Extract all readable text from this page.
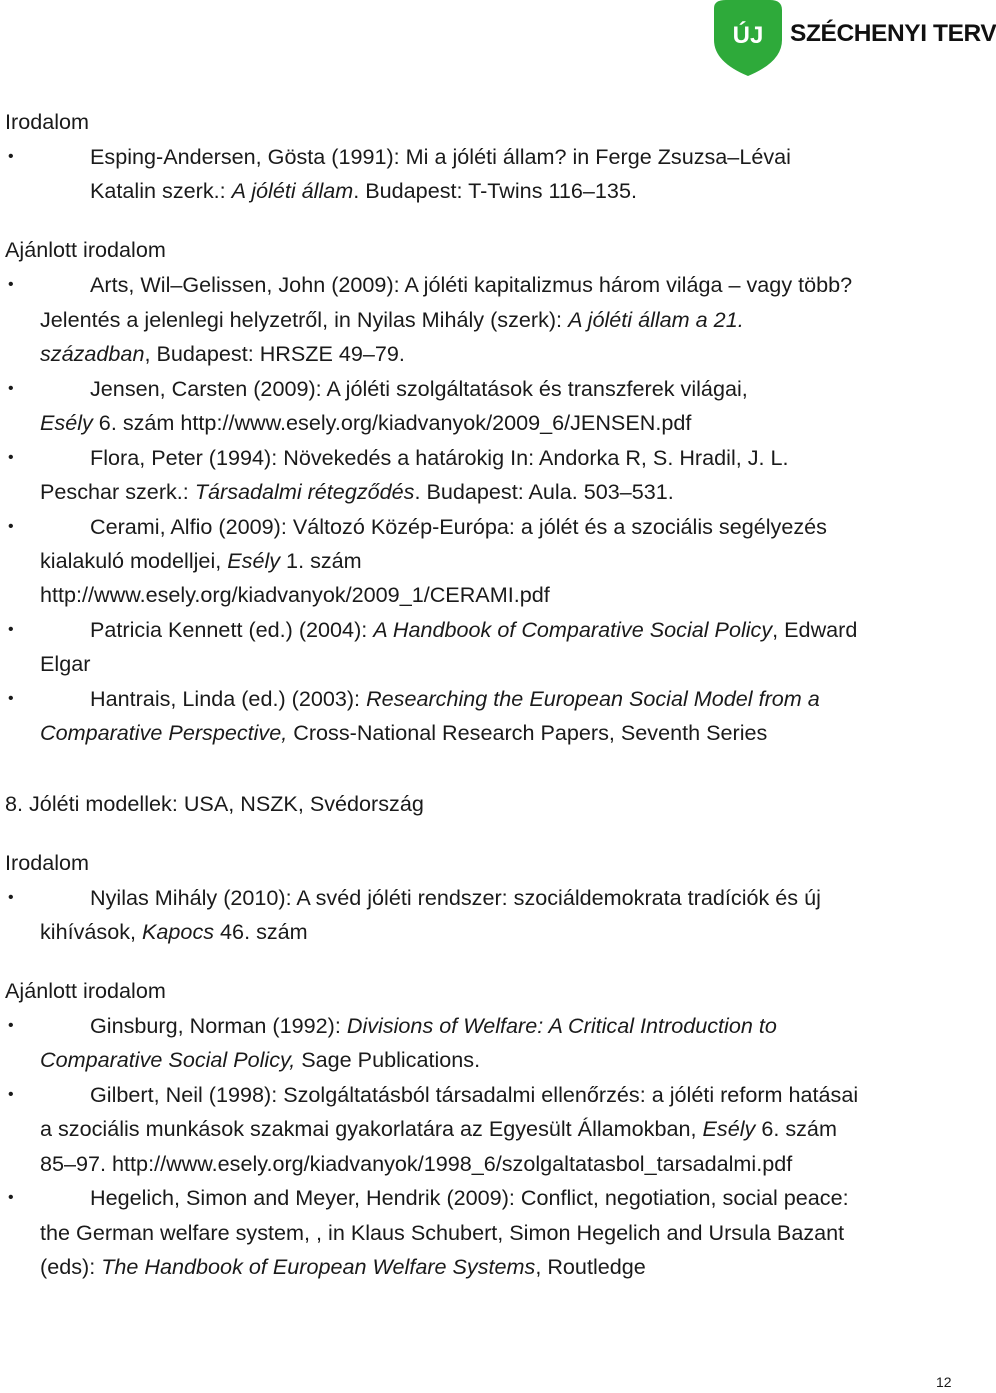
ÚJ SZÉCHENYI TERV
Irodalom
•	Esping-Andersen, Gösta (1991): Mi a jóléti állam? in Ferge Zsuzsa–Lévai
Katalin szerk.: A jóléti állam. Budapest: T-Twins 116–135.
Ajánlott irodalom
•	Arts, Wil–Gelissen, John (2009): A jóléti kapitalizmus három világa – vagy több?
Jelentés a jelenlegi helyzetről, in Nyilas Mihály (szerk): A jóléti állam a 21.
században, Budapest: HRSZE 49–79.
•	Jensen, Carsten (2009): A jóléti szolgáltatások és transzferek világai,
Esély 6. szám http://www.esely.org/kiadvanyok/2009_6/JENSEN.pdf
•	Flora, Peter (1994): Növekedés a határokig In: Andorka R, S. Hradil, J. L.
Peschar szerk.: Társadalmi rétegződés. Budapest: Aula. 503–531.
•	Cerami, Alfio (2009): Változó Közép-Európa: a jólét és a szociális segélyezés
kialakuló modelljei, Esély 1. szám
http://www.esely.org/kiadvanyok/2009_1/CERAMI.pdf
•	Patricia Kennett (ed.) (2004): A Handbook of Comparative Social Policy, Edward
Elgar
•	Hantrais, Linda (ed.) (2003): Researching the European Social Model from a
Comparative Perspective, Cross-National Research Papers, Seventh Series
8. Jóléti modellek: USA, NSZK, Svédország
Irodalom
•	Nyilas Mihály (2010): A svéd jóléti rendszer: szociáldemokrata tradíciók és új
kihívások, Kapocs 46. szám
Ajánlott irodalom
•	Ginsburg, Norman (1992): Divisions of Welfare: A Critical Introduction to
Comparative Social Policy, Sage Publications.
•	Gilbert, Neil (1998): Szolgáltatásból társadalmi ellenőrzés: a jóléti reform hatásai
a szociális munkások szakmai gyakorlatára az Egyesült Államokban, Esély 6. szám
85–97. http://www.esely.org/kiadvanyok/1998_6/szolgaltatasbol_tarsadalmi.pdf
•	Hegelich, Simon and Meyer, Hendrik (2009): Conflict, negotiation, social peace:
the German welfare system, , in Klaus Schubert, Simon Hegelich and Ursula Bazant
(eds): The Handbook of European Welfare Systems, Routledge
12
